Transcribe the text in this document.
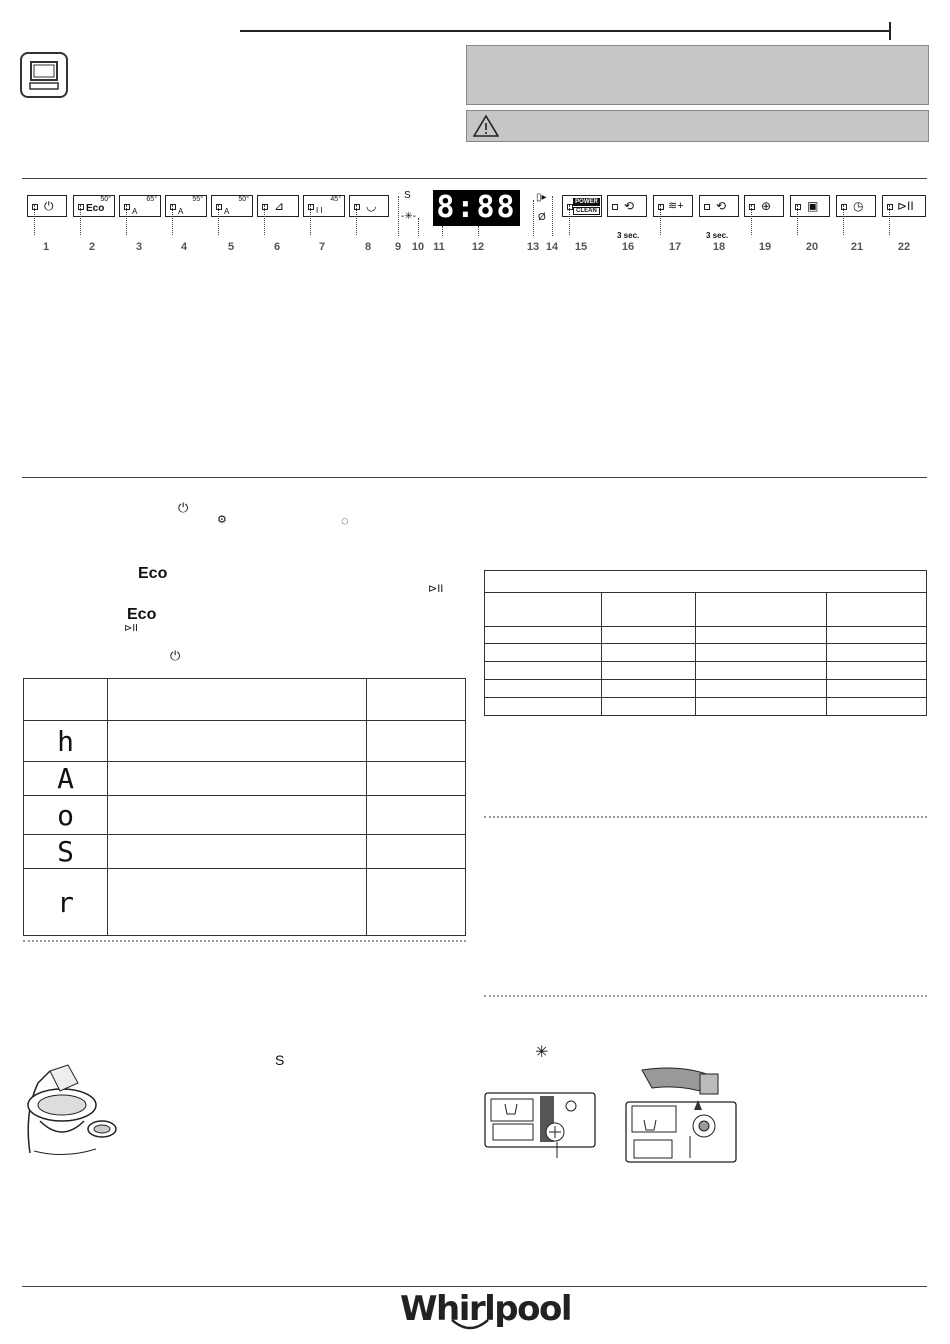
⏻	Eco
50°
A
65°
A
55°
A
50° ⊿	I I
45° ◡
S
-✳- 8:88	▯▸
Ø
POWER
CLEAN ⟲
3 sec.
≋+	⟲
3 sec.
⊕	▣	◷	⊳II
1	2	3	4	5	6	7	8	9 10 11	12	13 14	15	16	17	18	19	20	21	22
⏻
⚙	◌
Eco
⊳II
Eco
⊳II
⏻

h		
A		
o		
S		
r		
S

				✳
Whirlpool
